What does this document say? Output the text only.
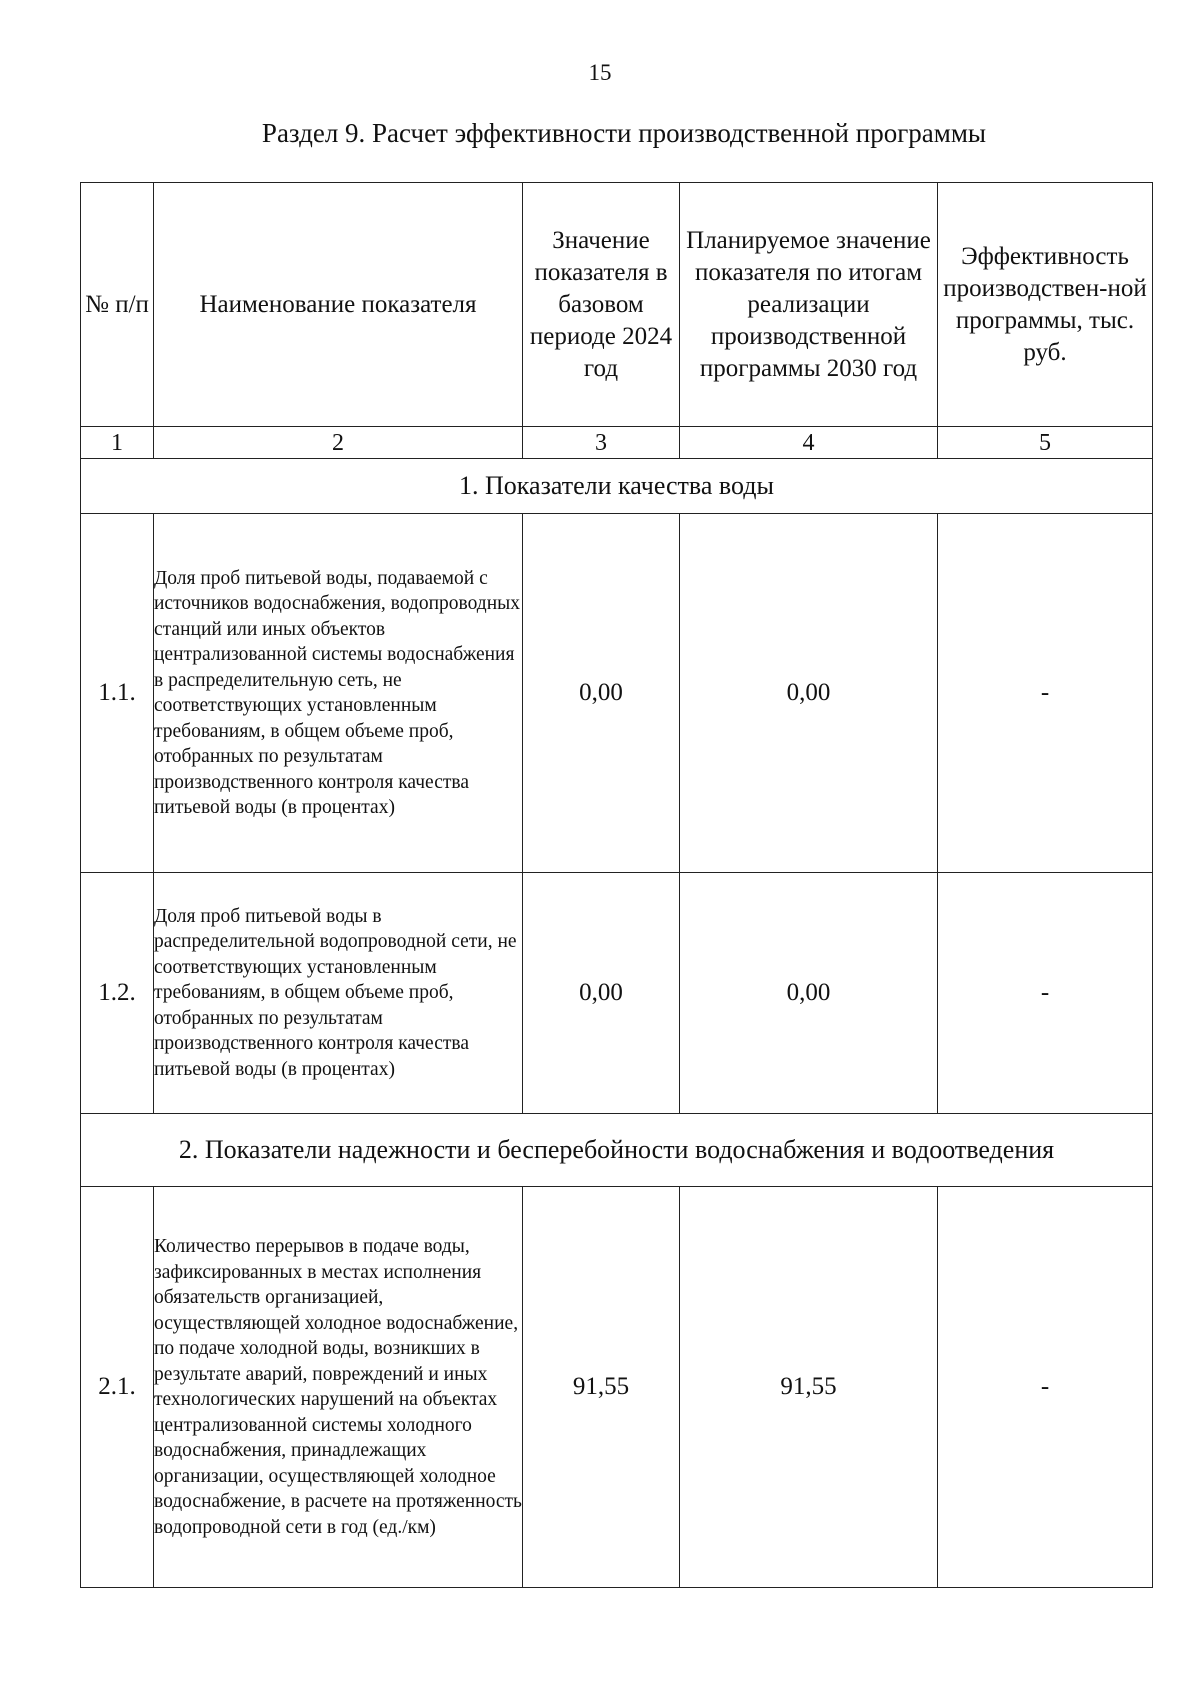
15
Раздел 9. Расчет эффективности производственной программы
№ п/п	Наименование показателя	Значение показателя в базовом периоде 2024 год	Планируемое значение показателя по итогам реализации производственной программы 2030 год	Эффективность производствен-ной программы, тыс. руб.
1	2	3	4	5
1. Показатели качества воды				
1.1.	Доля проб питьевой воды, подаваемой с источников водоснабжения, водопроводных станций или иных объектов централизованной системы водоснабжения в распределительную сеть, не соответствующих установленным требованиям, в общем объеме проб, отобранных по результатам производственного контроля качества питьевой воды (в процентах)	0,00	0,00	-
1.2.	Доля проб питьевой воды в распределительной водопроводной сети, не соответствующих установленным требованиям, в общем объеме проб, отобранных по результатам производственного контроля качества питьевой воды (в процентах)	0,00	0,00	-
2. Показатели надежности и бесперебойности водоснабжения и водоотведения				
2.1.	Количество перерывов в подаче воды, зафиксированных в местах исполнения обязательств организацией, осуществляющей холодное водоснабжение, по подаче холодной воды, возникших в результате аварий, повреждений и иных технологических нарушений на объектах централизованной системы холодного водоснабжения, принадлежащих организации, осуществляющей холодное водоснабжение, в расчете на протяженность водопроводной сети в год (ед./км)	91,55	91,55	-
